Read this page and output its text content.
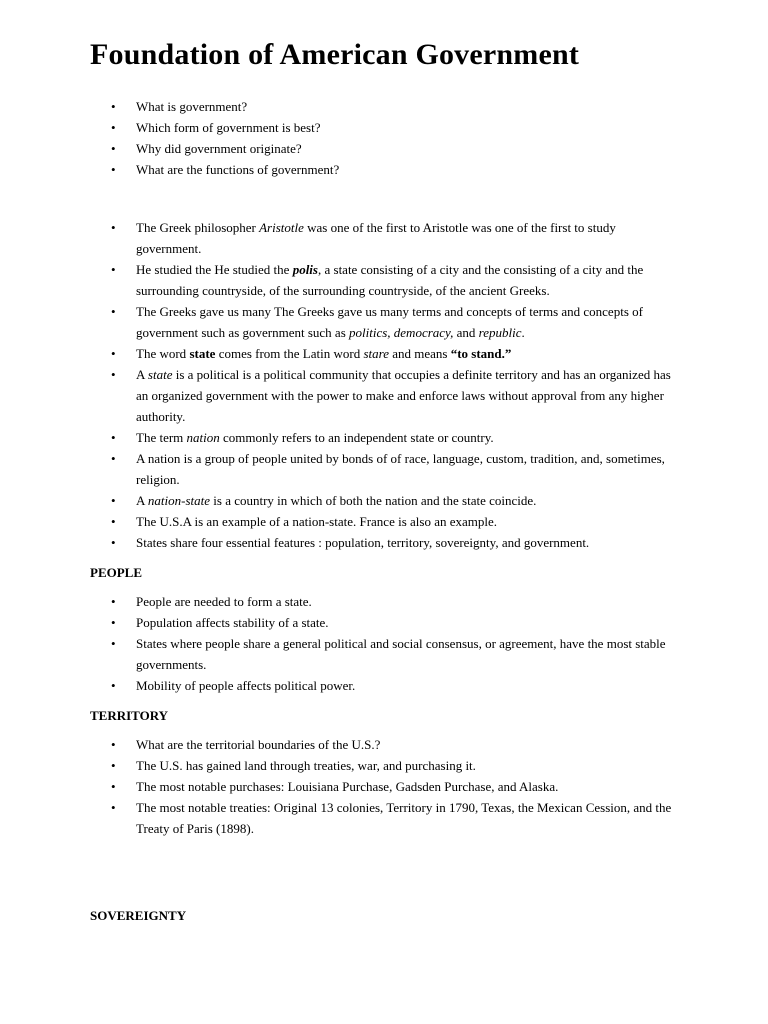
Foundation of American Government
• What is government?
• Which form of government is best?
• Why did government originate?
• What are the functions of government?
• The Greek philosopher Aristotle was one of the first to Aristotle was one of the first to study government.
• He studied the He studied the polis, a state consisting of a city and the consisting of a city and the surrounding countryside, of the surrounding countryside, of the ancient Greeks.
• The Greeks gave us many The Greeks gave us many terms and concepts of terms and concepts of government such as government such as politics, democracy, and republic.
• The word state comes from the Latin word stare and means “to stand.”
• A state is a political is a political community that occupies a definite territory and has an organized has an organized government with the power to make and enforce laws without approval from any higher authority.
• The term nation commonly refers to an independent state or country.
• A nation is a group of people united by bonds of of race, language, custom, tradition, and, sometimes, religion.
• A nation-state is a country in which of both the nation and the state coincide.
• The U.S.A is an example of a nation-state. France is also an example.
• States share four essential features : population, territory, sovereignty, and government.

PEOPLE

• People are needed to form a state.
• Population affects stability of a state.
• States where people share a general political and social consensus, or agreement, have the most stable governments.
• Mobility of people affects political power.

TERRITORY

• What are the territorial boundaries of the U.S.?
• The U.S. has gained land through treaties, war, and purchasing it.
• The most notable purchases: Louisiana Purchase, Gadsden Purchase, and Alaska.
• The most notable treaties: Original 13 colonies, Territory in 1790, Texas, the Mexican Cession, and the Treaty of Paris (1898).

SOVEREIGNTY
